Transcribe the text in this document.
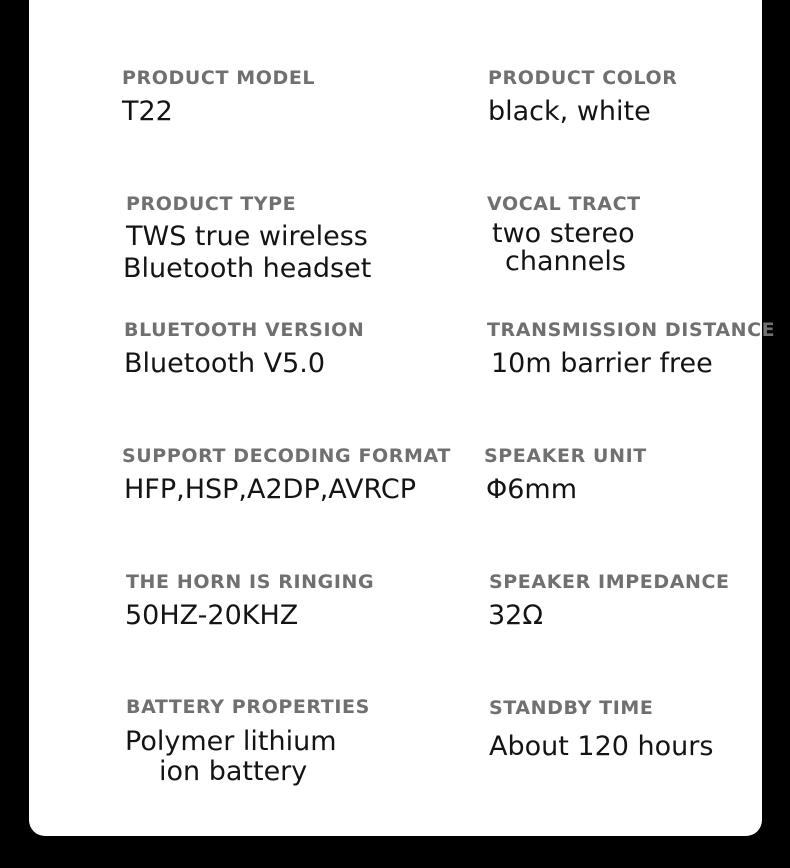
PRODUCT MODEL
T22
PRODUCT COLOR
black, white
PRODUCT TYPE
TWS true wireless
Bluetooth headset
VOCAL TRACT
two stereo
channels
BLUETOOTH VERSION
Bluetooth V5.0
TRANSMISSION DISTANCE
10m barrier free
SUPPORT DECODING FORMAT
HFP,HSP,A2DP,AVRCP
SPEAKER UNIT
Φ6mm
THE HORN IS RINGING
50HZ-20KHZ
SPEAKER IMPEDANCE
32Ω
BATTERY PROPERTIES
Polymer lithium
ion battery
STANDBY TIME
About 120 hours
